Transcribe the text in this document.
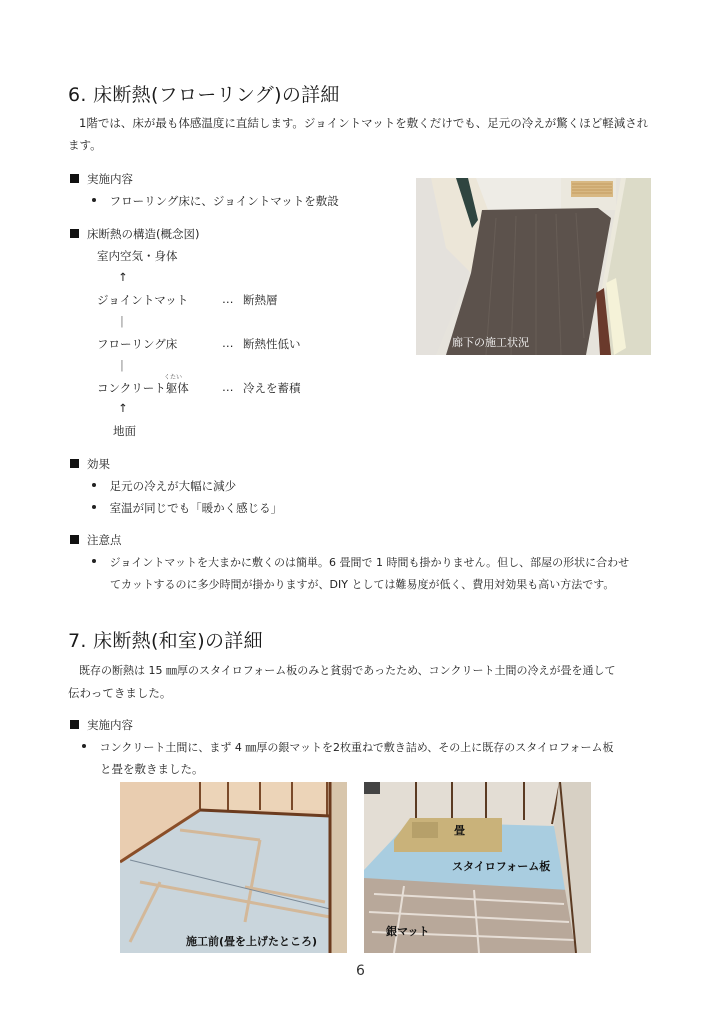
6. 床断熱(フローリング)の詳細
1階では、床が最も体感温度に直結します。ジョイントマットを敷くだけでも、足元の冷えが驚くほど軽減され
ます。
実施内容
フローリング床に、ジョイントマットを敷設
床断熱の構造(概念図)
室内空気・身体
↑
ジョイントマット	… 断熱層
|
フローリング床	… 断熱性低い
|
くたい
コンクリート躯体	… 冷えを蓄積
↑
地面
廊下の施工状況
効果
足元の冷えが大幅に減少
室温が同じでも「暖かく感じる」
注意点
ジョイントマットを大まかに敷くのは簡単。6 畳間で 1 時間も掛かりません。但し、部屋の形状に合わせ
てカットするのに多少時間が掛かりますが、DIY としては難易度が低く、費用対効果も高い方法です。
7. 床断熱(和室)の詳細
既存の断熱は 15 ㎜厚のスタイロフォーム板のみと貧弱であったため、コンクリート土間の冷えが畳を通して
伝わってきました。
実施内容
コンクリート土間に、まず 4 ㎜厚の銀マットを2枚重ねで敷き詰め、その上に既存のスタイロフォーム板
と畳を敷きました。
施工前(畳を上げたところ)
畳
スタイロフォーム板
銀マット
6
